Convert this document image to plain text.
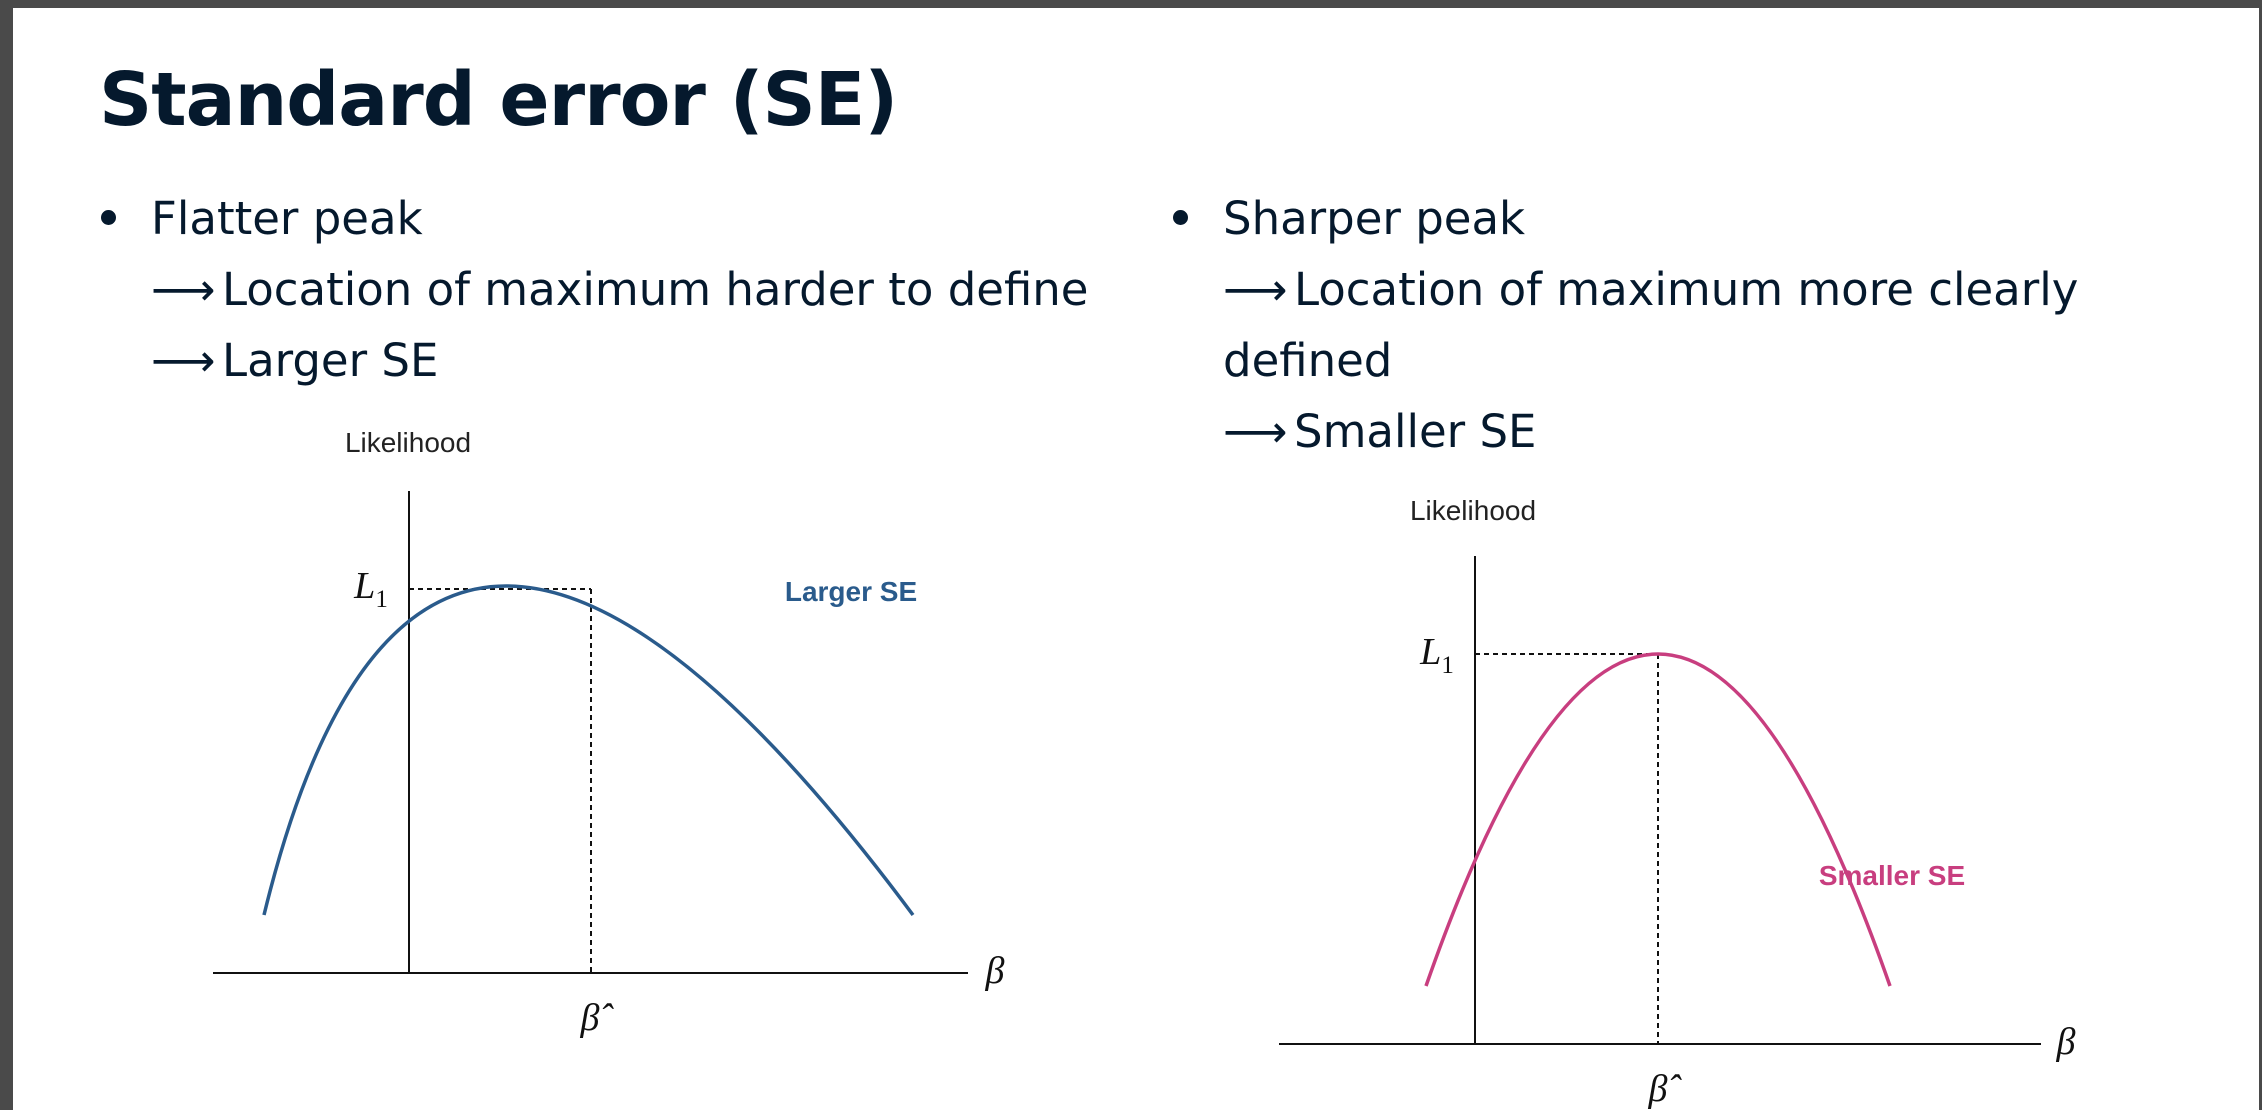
Standard error (SE)
Flatter peak
⟶ Location of maximum harder to define
⟶ Larger SE
Sharper peak
⟶ Location of maximum more clearly
defined
⟶ Smaller SE
Likelihood
β
$L_1$
β̂
Larger SE
Likelihood
β
$L_1$
β̂
Smaller SE
